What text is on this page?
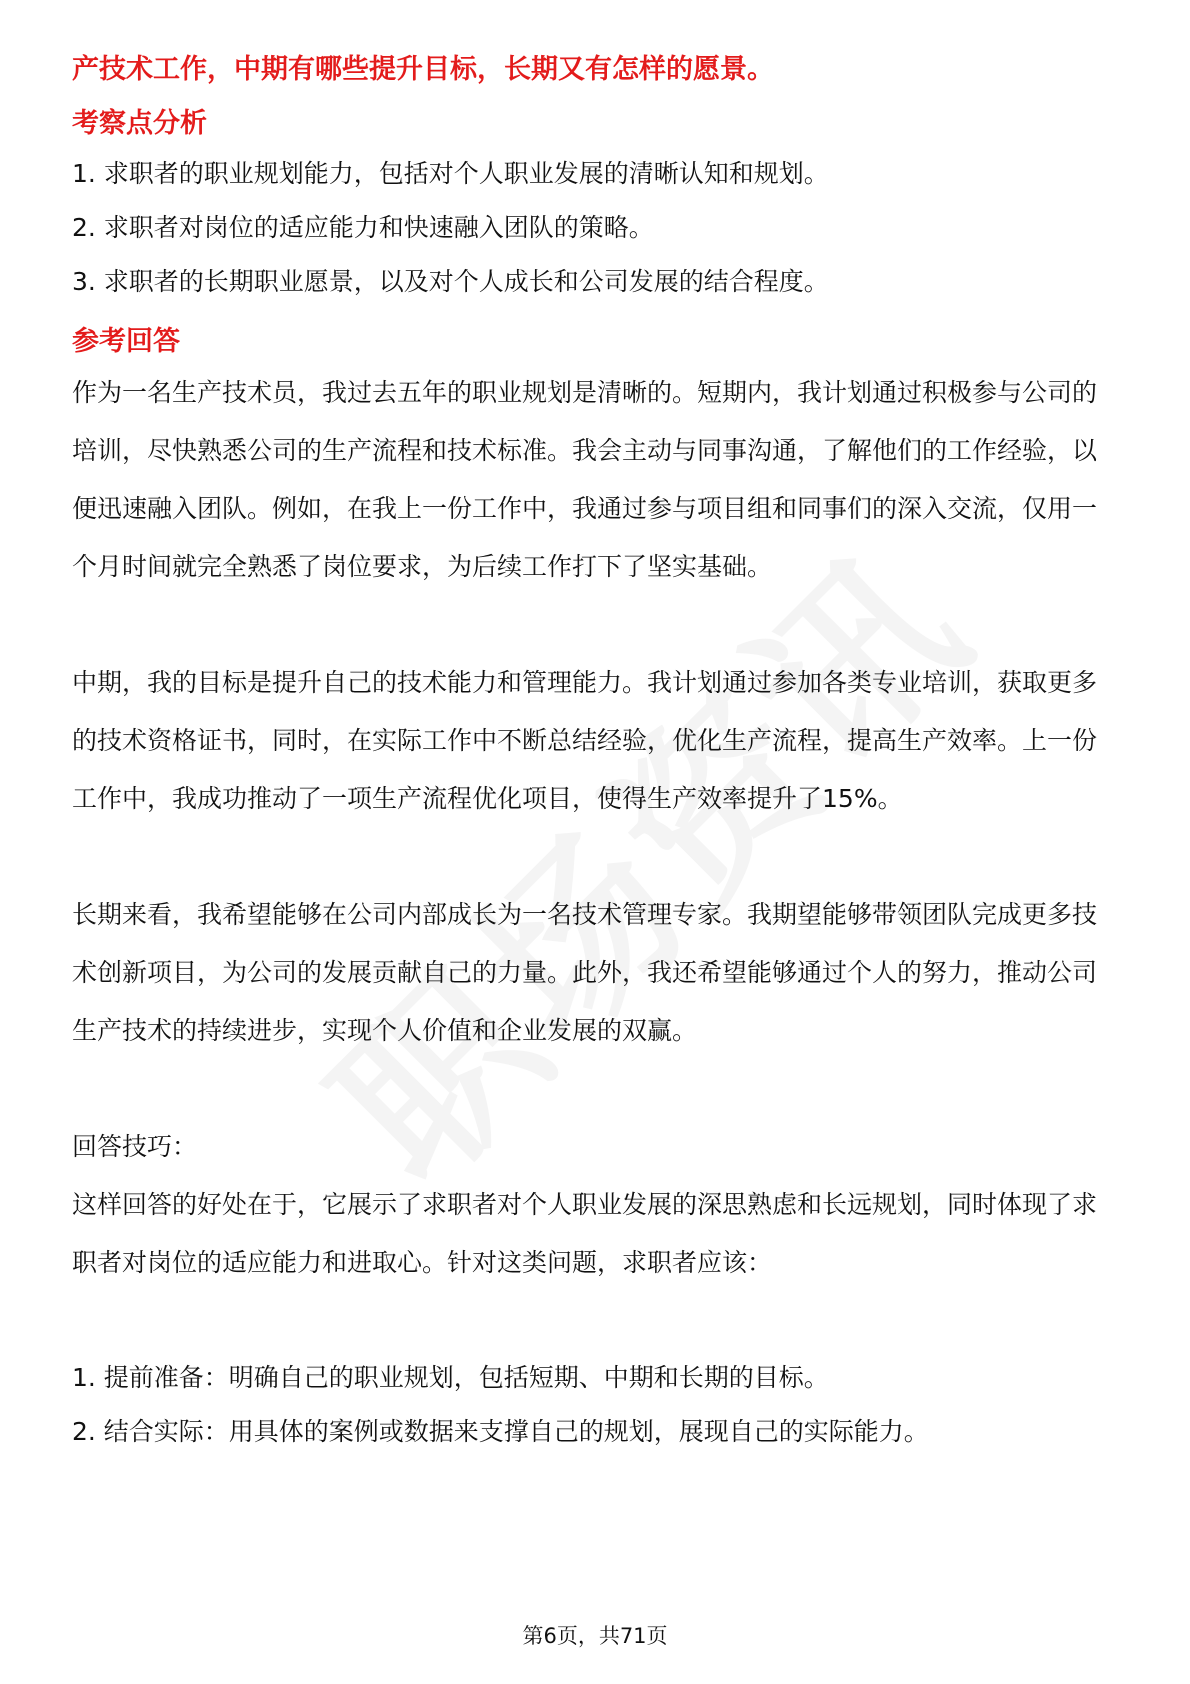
产技术工作，中期有哪些提升目标，长期又有怎样的愿景。

考察点分析

1. 求职者的职业规划能力，包括对个人职业发展的清晰认知和规划。
2. 求职者对岗位的适应能力和快速融入团队的策略。
3. 求职者的长期职业愿景，以及对个人成长和公司发展的结合程度。

参考回答

作为一名生产技术员，我过去五年的职业规划是清晰的。短期内，我计划通过积极参与公司的培训，尽快熟悉公司的生产流程和技术标准。我会主动与同事沟通，了解他们的工作经验，以便迅速融入团队。例如，在我上一份工作中，我通过参与项目组和同事们的深入交流，仅用一个月时间就完全熟悉了岗位要求，为后续工作打下了坚实基础。

中期，我的目标是提升自己的技术能力和管理能力。我计划通过参加各类专业培训，获取更多的技术资格证书，同时，在实际工作中不断总结经验，优化生产流程，提高生产效率。上一份工作中，我成功推动了一项生产流程优化项目，使得生产效率提升了15%。

长期来看，我希望能够在公司内部成长为一名技术管理专家。我期望能够带领团队完成更多技术创新项目，为公司的发展贡献自己的力量。此外，我还希望能够通过个人的努力，推动公司生产技术的持续进步，实现个人价值和企业发展的双赢。

回答技巧：

这样回答的好处在于，它展示了求职者对个人职业发展的深思熟虑和长远规划，同时体现了求职者对岗位的适应能力和进取心。针对这类问题，求职者应该：

1. 提前准备：明确自己的职业规划，包括短期、中期和长期的目标。
2. 结合实际：用具体的案例或数据来支撑自己的规划，展现自己的实际能力。
第6页，共71页
